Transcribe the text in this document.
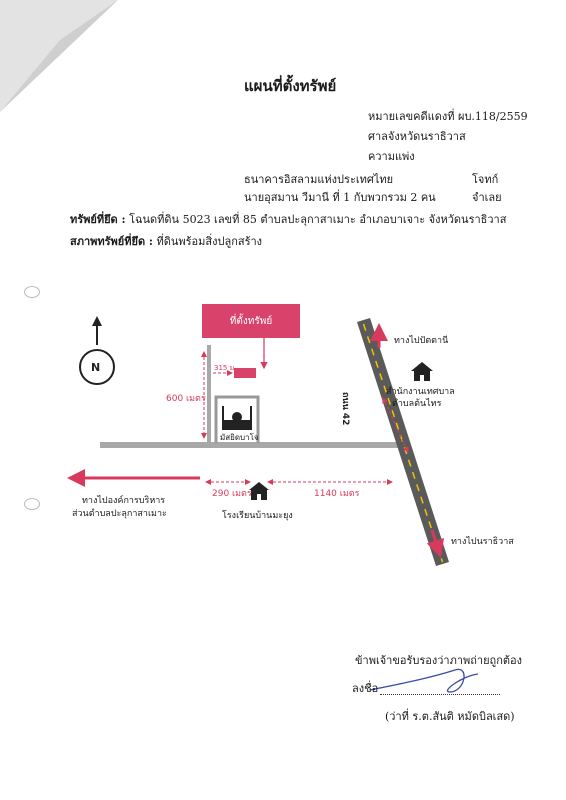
แผนที่ตั้งทรัพย์
หมายเลขคดีแดงที่ ผบ.118/2559
ศาลจังหวัดนราธิวาส
ความแพ่ง
ธนาคารอิสลามแห่งประเทศไทย	โจทก์
นายอุสมาน วีมานี ที่ 1 กับพวกรวม 2 คน	จำเลย
ทรัพย์ที่ยึด : โฉนดที่ดิน 5023 เลขที่ 85 ตำบลปะลุกาสาเมาะ อำเภอบาเจาะ จังหวัดนราธิวาส
สภาพทรัพย์ที่ยึด : ที่ดินพร้อมสิ่งปลูกสร้าง
ที่ตั้งทรัพย์
N	315 ม.
600 เมตร
290 เมตร	1140 เมตร
มัสยิดบาโจ
โรงเรียนบ้านมะยุง
ทางไปปัตตานี
ทางไปนราธิวาส
ทางไปองค์การบริหาร
ส่วนตำบลปะลุกาสาเมาะ
สำนักงานเทศบาล
ตำบลต้นไทร
ถนน 42
ข้าพเจ้าขอรับรองว่าภาพถ่ายถูกต้อง
ลงชื่อ
(ว่าที่ ร.ต.สันติ หมัดบิลเสด)
